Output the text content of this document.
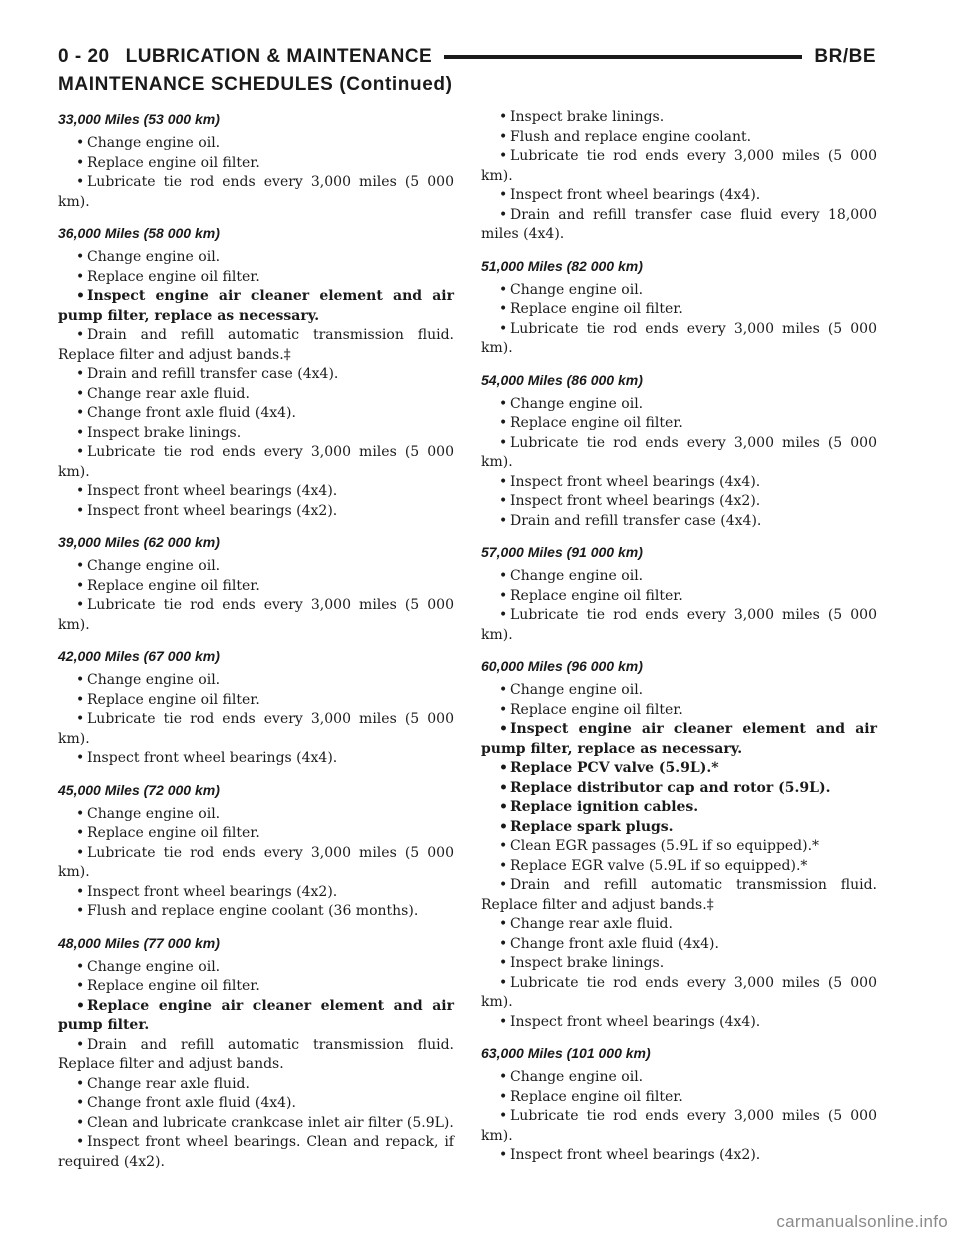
0 - 20 LUBRICATION & MAINTENANCE	BR/BE
MAINTENANCE SCHEDULES (Continued)
33,000 Miles (53 000 km)

• Change engine oil.

• Replace engine oil filter.

• Lubricate tie rod ends every 3,000 miles (5 000 km).

36,000 Miles (58 000 km)

• Change engine oil.

• Replace engine oil filter.

• Inspect engine air cleaner element and air pump filter, replace as necessary.

• Drain and refill automatic transmission fluid. Replace filter and adjust bands.‡

• Drain and refill transfer case (4x4).

• Change rear axle fluid.

• Change front axle fluid (4x4).

• Inspect brake linings.

• Lubricate tie rod ends every 3,000 miles (5 000 km).

• Inspect front wheel bearings (4x4).

• Inspect front wheel bearings (4x2).

39,000 Miles (62 000 km)

• Change engine oil.

• Replace engine oil filter.

• Lubricate tie rod ends every 3,000 miles (5 000 km).

42,000 Miles (67 000 km)

• Change engine oil.

• Replace engine oil filter.

• Lubricate tie rod ends every 3,000 miles (5 000 km).

• Inspect front wheel bearings (4x4).

45,000 Miles (72 000 km)

• Change engine oil.

• Replace engine oil filter.

• Lubricate tie rod ends every 3,000 miles (5 000 km).

• Inspect front wheel bearings (4x2).

• Flush and replace engine coolant (36 months).

48,000 Miles (77 000 km)

• Change engine oil.

• Replace engine oil filter.

• Replace engine air cleaner element and air pump filter.

• Drain and refill automatic transmission fluid. Replace filter and adjust bands.

• Change rear axle fluid.

• Change front axle fluid (4x4).

• Clean and lubricate crankcase inlet air filter (5.9L).

• Inspect front wheel bearings. Clean and repack, if required (4x2).

• Inspect brake linings.

• Flush and replace engine coolant.

• Lubricate tie rod ends every 3,000 miles (5 000 km).

• Inspect front wheel bearings (4x4).

• Drain and refill transfer case fluid every 18,000 miles (4x4).

51,000 Miles (82 000 km)

• Change engine oil.

• Replace engine oil filter.

• Lubricate tie rod ends every 3,000 miles (5 000 km).

54,000 Miles (86 000 km)

• Change engine oil.

• Replace engine oil filter.

• Lubricate tie rod ends every 3,000 miles (5 000 km).

• Inspect front wheel bearings (4x4).

• Inspect front wheel bearings (4x2).

• Drain and refill transfer case (4x4).

57,000 Miles (91 000 km)

• Change engine oil.

• Replace engine oil filter.

• Lubricate tie rod ends every 3,000 miles (5 000 km).

60,000 Miles (96 000 km)

• Change engine oil.

• Replace engine oil filter.

• Inspect engine air cleaner element and air pump filter, replace as necessary.

• Replace PCV valve (5.9L).*

• Replace distributor cap and rotor (5.9L).

• Replace ignition cables.

• Replace spark plugs.

• Clean EGR passages (5.9L if so equipped).*

• Replace EGR valve (5.9L if so equipped).*

• Drain and refill automatic transmission fluid. Replace filter and adjust bands.‡

• Change rear axle fluid.

• Change front axle fluid (4x4).

• Inspect brake linings.

• Lubricate tie rod ends every 3,000 miles (5 000 km).

• Inspect front wheel bearings (4x4).

63,000 Miles (101 000 km)

• Change engine oil.

• Replace engine oil filter.

• Lubricate tie rod ends every 3,000 miles (5 000 km).

• Inspect front wheel bearings (4x2).

carmanualsonline.info
